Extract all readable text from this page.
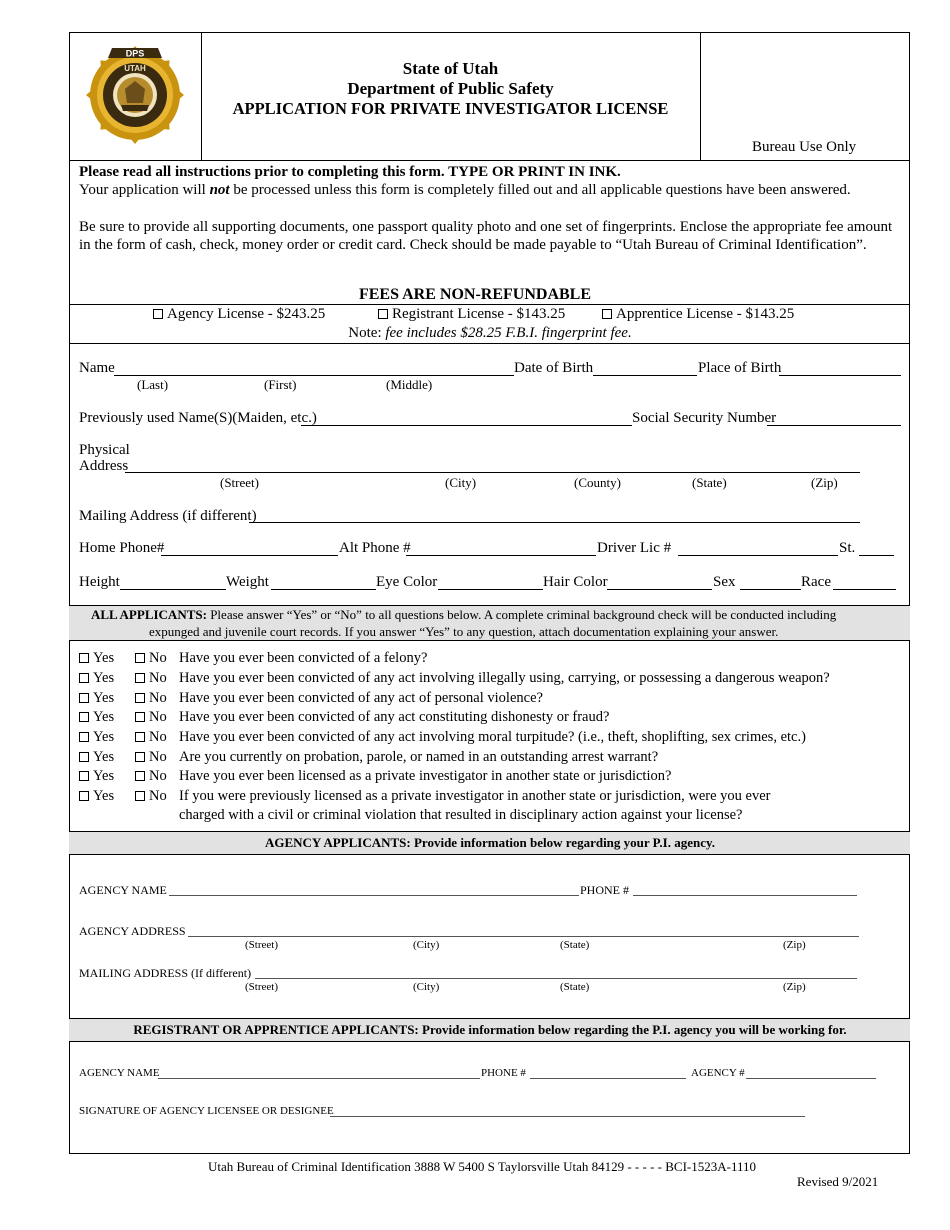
UTAH
DPS
State of Utah
Department of Public Safety
APPLICATION FOR PRIVATE INVESTIGATOR LICENSE
Bureau Use Only
Please read all instructions prior to completing this form. TYPE OR PRINT IN INK.
Your application will not be processed unless this form is completely filled out and all applicable questions have been answered.
Be sure to provide all supporting documents, one passport quality photo and one set of fingerprints. Enclose the appropriate fee amount in the form of cash, check, money order or credit card. Check should be made payable to “Utah Bureau of Criminal Identification”.
FEES ARE NON-REFUNDABLE
Agency License - $243.25	Registrant License - $143.25	Apprentice License - $143.25
Note: fee includes $28.25 F.B.I. fingerprint fee.
Name	Date of Birth	Place of Birth
(Last)	(First)	(Middle)
Previously used Name(S)(Maiden, etc.)	Social Security Number
Physical
Address
(Street)	(City)	(County)	(State)	(Zip)
Mailing Address (if different)
Home Phone#	Alt Phone #	Driver Lic #	St.
Height	Weight	Eye Color	Hair Color	Sex	Race
ALL APPLICANTS: Please answer “Yes” or “No” to all questions below. A complete criminal background check will be conducted including
expunged and juvenile court records. If you answer “Yes” to any question, attach documentation explaining your answer.
Yes	No Have you ever been convicted of a felony?
Yes	No Have you ever been convicted of any act involving illegally using, carrying, or possessing a dangerous weapon?
Yes	No Have you ever been convicted of any act of personal violence?
Yes	No Have you ever been convicted of any act constituting dishonesty or fraud?
Yes	No Have you ever been convicted of any act involving moral turpitude? (i.e., theft, shoplifting, sex crimes, etc.)
Yes	No Are you currently on probation, parole, or named in an outstanding arrest warrant?
Yes	No Have you ever been licensed as a private investigator in another state or jurisdiction?
Yes	No If you were previously licensed as a private investigator in another state or jurisdiction, were you ever
charged with a civil or criminal violation that resulted in disciplinary action against your license?
AGENCY APPLICANTS: Provide information below regarding your P.I. agency.
AGENCY NAME	PHONE #
AGENCY ADDRESS
(Street)	(City)	(State)	(Zip)
MAILING ADDRESS (If different)
(Street)	(City)	(State)	(Zip)
REGISTRANT OR APPRENTICE APPLICANTS: Provide information below regarding the P.I. agency you will be working for.
AGENCY NAME	PHONE #	AGENCY #
SIGNATURE OF AGENCY LICENSEE OR DESIGNEE
Utah Bureau of Criminal Identification 3888 W 5400 S Taylorsville Utah 84129 - - - - - BCI-1523A-1110
Revised 9/2021
